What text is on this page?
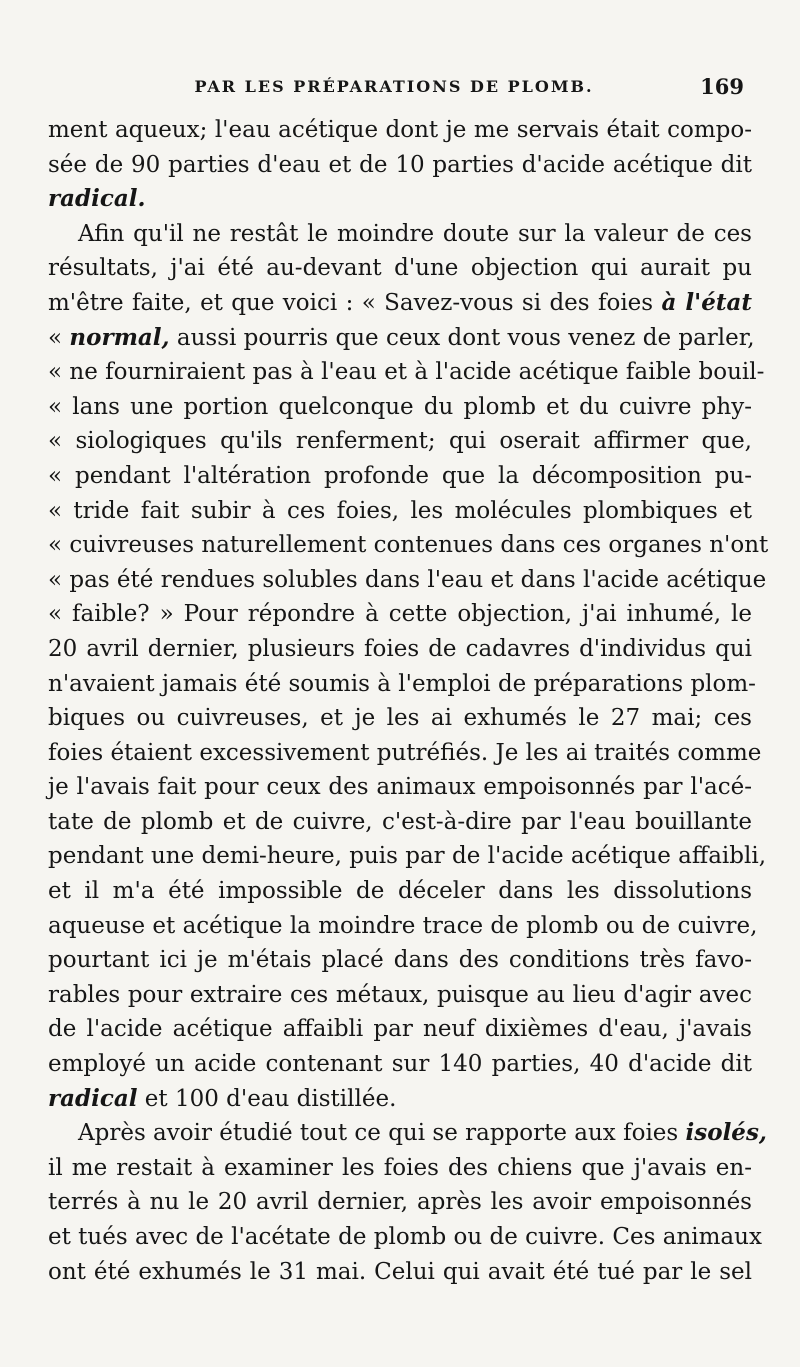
PAR LES PRÉPARATIONS DE PLOMB.	169
ment aqueux; l'eau acétique dont je me servais était compo-
sée de 90 parties d'eau et de 10 parties d'acide acétique dit
radical.
Afin qu'il ne restât le moindre doute sur la valeur de ces
résultats, j'ai été au-devant d'une objection qui aurait pu
m'être faite, et que voici : « Savez-vous si des foies à l'état
« normal, aussi pourris que ceux dont vous venez de parler,
« ne fourniraient pas à l'eau et à l'acide acétique faible bouil-
« lans une portion quelconque du plomb et du cuivre phy-
« siologiques qu'ils renferment; qui oserait affirmer que,
« pendant l'altération profonde que la décomposition pu-
« tride fait subir à ces foies, les molécules plombiques et
« cuivreuses naturellement contenues dans ces organes n'ont
« pas été rendues solubles dans l'eau et dans l'acide acétique
« faible? » Pour répondre à cette objection, j'ai inhumé, le
20 avril dernier, plusieurs foies de cadavres d'individus qui
n'avaient jamais été soumis à l'emploi de préparations plom-
biques ou cuivreuses, et je les ai exhumés le 27 mai; ces
foies étaient excessivement putréfiés. Je les ai traités comme
je l'avais fait pour ceux des animaux empoisonnés par l'acé-
tate de plomb et de cuivre, c'est-à-dire par l'eau bouillante
pendant une demi-heure, puis par de l'acide acétique affaibli,
et il m'a été impossible de déceler dans les dissolutions
aqueuse et acétique la moindre trace de plomb ou de cuivre,
pourtant ici je m'étais placé dans des conditions très favo-
rables pour extraire ces métaux, puisque au lieu d'agir avec
de l'acide acétique affaibli par neuf dixièmes d'eau, j'avais
employé un acide contenant sur 140 parties, 40 d'acide dit
radical et 100 d'eau distillée.
Après avoir étudié tout ce qui se rapporte aux foies isolés,
il me restait à examiner les foies des chiens que j'avais en-
terrés à nu le 20 avril dernier, après les avoir empoisonnés
et tués avec de l'acétate de plomb ou de cuivre. Ces animaux
ont été exhumés le 31 mai. Celui qui avait été tué par le sel
